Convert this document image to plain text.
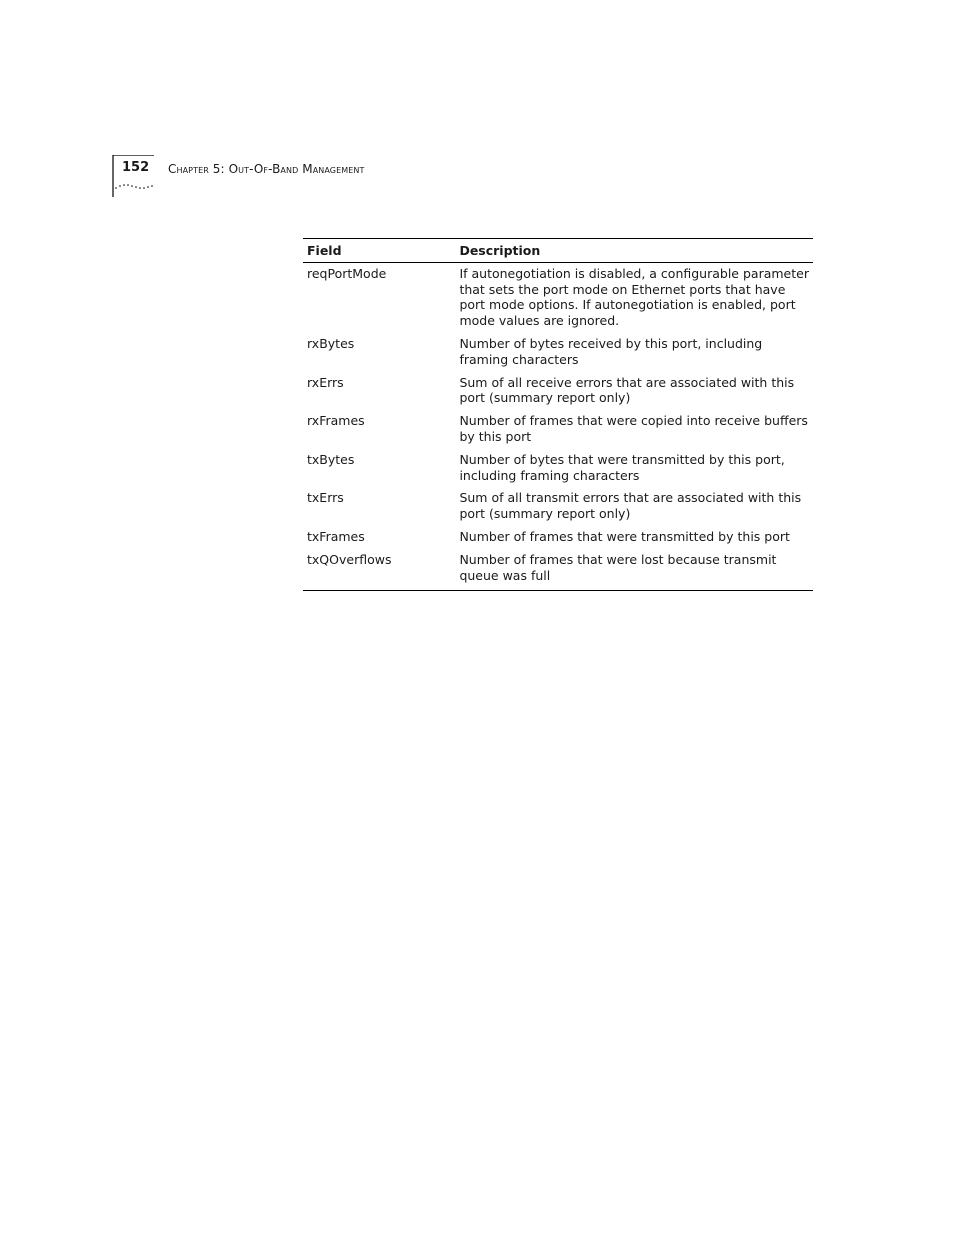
152 Chapter 5: Out-Of-Band Management
Field	Description
reqPortMode	If autonegotiation is disabled, a configurable parameter that sets the port mode on Ethernet ports that have port mode options. If autonegotiation is enabled, port mode values are ignored.
rxBytes	Number of bytes received by this port, including framing characters
rxErrs	Sum of all receive errors that are associated with this port (summary report only)
rxFrames	Number of frames that were copied into receive buffers by this port
txBytes	Number of bytes that were transmitted by this port, including framing characters
txErrs	Sum of all transmit errors that are associated with this port (summary report only)
txFrames	Number of frames that were transmitted by this port
txQOverflows	Number of frames that were lost because transmit queue was full
